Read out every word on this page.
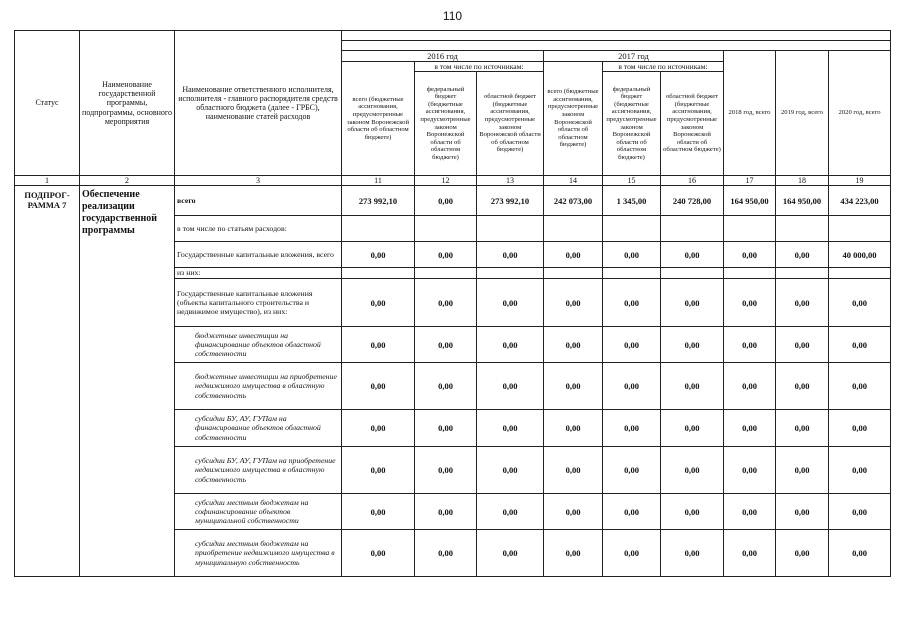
110
Статус	Наименование государственной программы, подпрограммы, основного мероприятия	Наименование ответственного исполнителя, исполнителя - главного распорядителя средств областного бюджета (далее - ГРБС), наименование статей расходов									

			2016 год			2017 год			2018 год, всего	2019 год, всего	2020 год, всего
			всего (бюджетные ассигнования, предусмотренные законом Воронежской области об областном бюджете)	в том числе по источникам:		всего (бюджетные ассигнования, предусмотренные законом Воронежской области об областном бюджете)	в том числе по источникам:				
				федеральный бюджет (бюджетные ассигнования, предусмотренные законом Воронежской области об областном бюджете)	областной бюджет (бюджетные ассигнования, предусмотренные законом Воронежской области об областном бюджете)		федеральный бюджет (бюджетные ассигнования, предусмотренные законом Воронежской области об областном бюджете)	областной бюджет (бюджетные ассигнования, предусмотренные законом Воронежской области об областном бюджете)			
1	2	3	11	12	13	14	15	16	17	18	19
ПОДПРОГ-РАММА 7	Обеспечение реализации государственной программы	всего	273 992,10	0,00	273 992,10	242 073,00	1 345,00	240 728,00	164 950,00	164 950,00	434 223,00
		в том числе по статьям расходов:									
		Государственные капитальные вложения, всего	0,00	0,00	0,00	0,00	0,00	0,00	0,00	0,00	40 000,00
		из них:									
		Государственные капитальные вложения (объекты капитального строительства и недвижимое имущество), из них:	0,00	0,00	0,00	0,00	0,00	0,00	0,00	0,00	0,00
		бюджетные инвестиции на финансирование объектов областной собственности	0,00	0,00	0,00	0,00	0,00	0,00	0,00	0,00	0,00
		бюджетные инвестиции на приобретение недвижимого имущества в областную собственность	0,00	0,00	0,00	0,00	0,00	0,00	0,00	0,00	0,00
		субсидии БУ, АУ, ГУПам на финансирование объектов областной собственности	0,00	0,00	0,00	0,00	0,00	0,00	0,00	0,00	0,00
		субсидии БУ, АУ, ГУПам на приобретение недвижимого имущества в областную собственность	0,00	0,00	0,00	0,00	0,00	0,00	0,00	0,00	0,00
		субсидии местным бюджетам на софинансирование объектов муниципальной собственности	0,00	0,00	0,00	0,00	0,00	0,00	0,00	0,00	0,00
		субсидии местным бюджетам на приобретение недвижимого имущества в муниципальную собственность	0,00	0,00	0,00	0,00	0,00	0,00	0,00	0,00	0,00
